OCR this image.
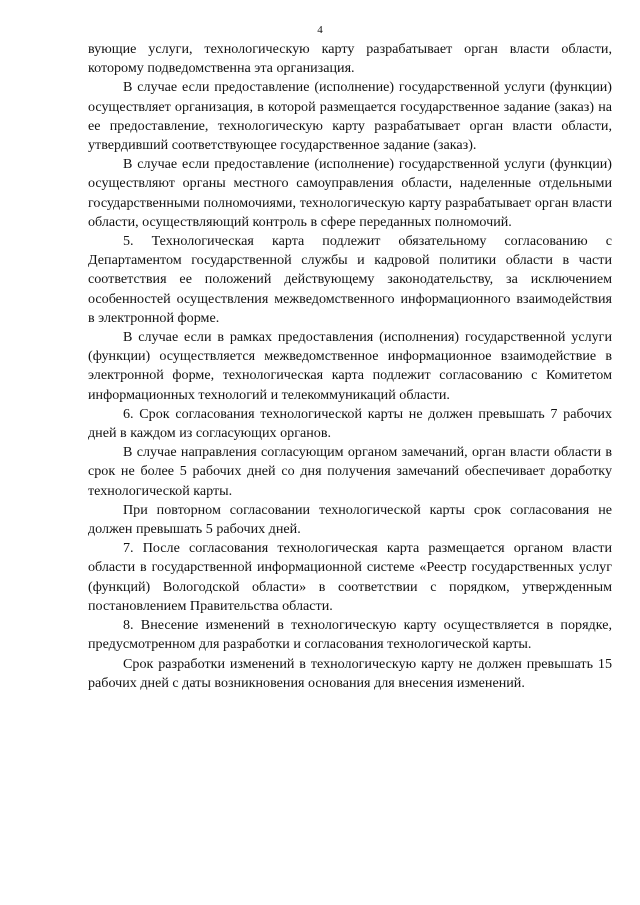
4

вующие услуги, технологическую карту разрабатывает орган власти области, которому подведомственна эта организация.

В случае если предоставление (исполнение) государственной услуги (функции) осуществляет организация, в которой размещается государственное задание (заказ) на ее предоставление, технологическую карту разрабатывает орган власти области, утвердивший соответствующее государственное задание (заказ).

В случае если предоставление (исполнение) государственной услуги (функции) осуществляют органы местного самоуправления области, наделенные отдельными государственными полномочиями, технологическую карту разрабатывает орган власти области, осуществляющий контроль в сфере переданных полномочий.

5. Технологическая карта подлежит обязательному согласованию с Департаментом государственной службы и кадровой политики области в части соответствия ее положений действующему законодательству, за исключением особенностей осуществления межведомственного информационного взаимодействия в электронной форме.

В случае если в рамках предоставления (исполнения) государственной услуги (функции) осуществляется межведомственное информационное взаимодействие в электронной форме, технологическая карта подлежит согласованию с Комитетом информационных технологий и телекоммуникаций области.

6. Срок согласования технологической карты не должен превышать 7 рабочих дней в каждом из согласующих органов.

В случае направления согласующим органом замечаний, орган власти области в срок не более 5 рабочих дней со дня получения замечаний обеспечивает доработку технологической карты.

При повторном согласовании технологической карты срок согласования не должен превышать 5 рабочих дней.

7. После согласования технологическая карта размещается органом власти области в государственной информационной системе «Реестр государственных услуг (функций) Вологодской области» в соответствии с порядком, утвержденным постановлением Правительства области.

8. Внесение изменений в технологическую карту осуществляется в порядке, предусмотренном для разработки и согласования технологической карты.

Срок разработки изменений в технологическую карту не должен превышать 15 рабочих дней с даты возникновения основания для внесения изменений.
